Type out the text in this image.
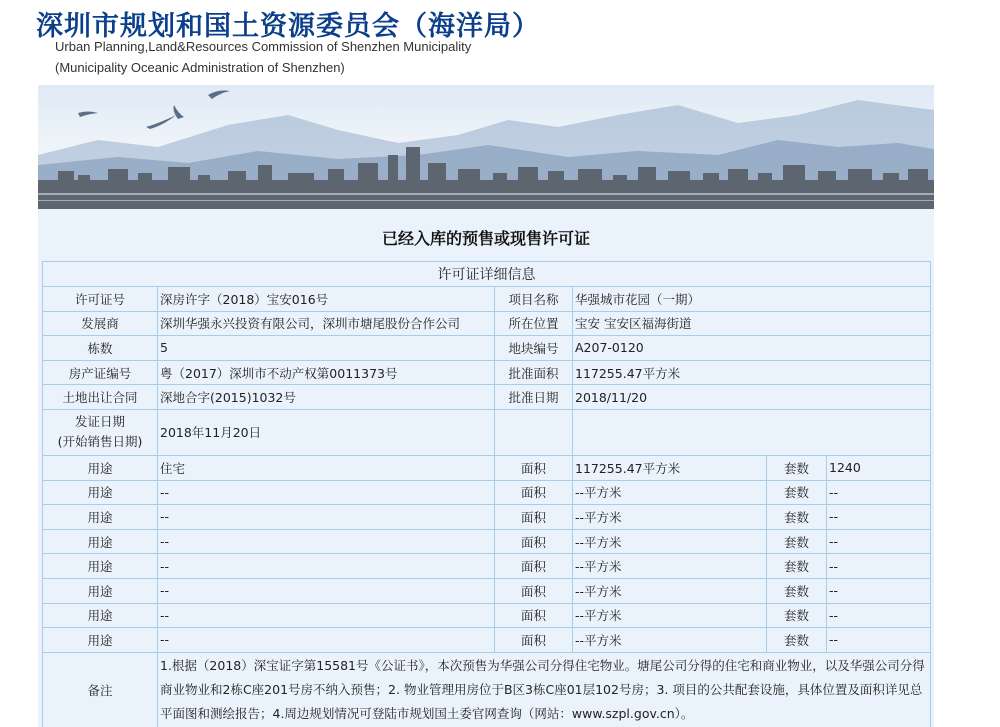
深圳市规划和国土资源委员会（海洋局）
Urban Planning,Land&Resources Commission of Shenzhen Municipality
(Municipality Oceanic Administration of Shenzhen)
已经入库的预售或现售许可证
许可证详细信息					
许可证号	深房许字（2018）宝安016号	项目名称	华强城市花园（一期）		
发展商	深圳华强永兴投资有限公司，深圳市塘尾股份合作公司	所在位置	宝安 宝安区福海街道		
栋数	5	地块编号	A207-0120		
房产证编号	粤（2017）深圳市不动产权第0011373号	批准面积	117255.47平方米		
土地出让合同	深地合字(2015)1032号	批准日期	2018/11/20		
发证日期
(开始销售日期)	2018年11月20日				
用途	住宅	面积	117255.47平方米	套数	1240
用途	--	面积	--平方米	套数	--
用途	--	面积	--平方米	套数	--
用途	--	面积	--平方米	套数	--
用途	--	面积	--平方米	套数	--
用途	--	面积	--平方米	套数	--
用途	--	面积	--平方米	套数	--
用途	--	面积	--平方米	套数	--
备注	1.根据（2018）深宝证字第15581号《公证书》，本次预售为华强公司分得住宅物业。塘尾公司分得的住宅和商业物业，以及华强公司分得商业物业和2栋C座201号房不纳入预售；2. 物业管理用房位于B区3栋C座01层102号房；3. 项目的公共配套设施，具体位置及面积详见总平面图和测绘报告；4.周边规划情况可登陆市规划国土委官网查询（网站：www.szpl.gov.cn）。				
